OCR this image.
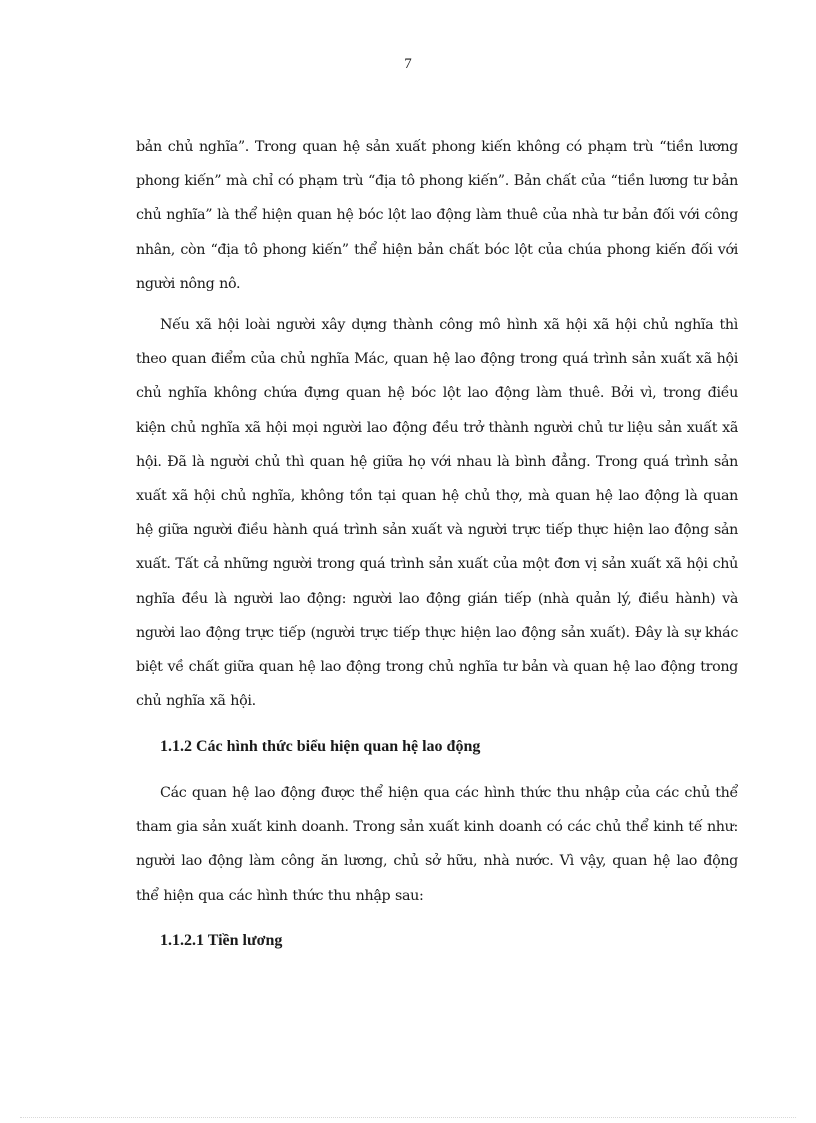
7

bản chủ nghĩa”. Trong quan hệ sản xuất phong kiến không có phạm trù “tiền lương phong kiến” mà chỉ có phạm trù “địa tô phong kiến”. Bản chất của “tiền lương tư bản chủ nghĩa” là thể hiện quan hệ bóc lột lao động làm thuê của nhà tư bản đối với công nhân, còn “địa tô phong kiến” thể hiện bản chất bóc lột của chúa phong kiến đối với người nông nô.

Nếu xã hội loài người xây dựng thành công mô hình xã hội xã hội chủ nghĩa thì theo quan điểm của chủ nghĩa Mác, quan hệ lao động trong quá trình sản xuất xã hội chủ nghĩa không chứa đựng quan hệ bóc lột lao động làm thuê. Bởi vì, trong điều kiện chủ nghĩa xã hội mọi người lao động đều trở thành người chủ tư liệu sản xuất xã hội. Đã là người chủ thì quan hệ giữa họ với nhau là bình đẳng. Trong quá trình sản xuất xã hội chủ nghĩa, không tồn tại quan hệ chủ thợ, mà quan hệ lao động là quan hệ giữa người điều hành quá trình sản xuất và người trực tiếp thực hiện lao động sản xuất. Tất cả những người trong quá trình sản xuất của một đơn vị sản xuất xã hội chủ nghĩa đều là người lao động: người lao động gián tiếp (nhà quản lý, điều hành) và người lao động trực tiếp (người trực tiếp thực hiện lao động sản xuất). Đây là sự khác biệt về chất giữa quan hệ lao động trong chủ nghĩa tư bản và quan hệ lao động trong chủ nghĩa xã hội.

1.1.2 Các hình thức biểu hiện quan hệ lao động

Các quan hệ lao động được thể hiện qua các hình thức thu nhập của các chủ thể tham gia sản xuất kinh doanh. Trong sản xuất kinh doanh có các chủ thể kinh tế như: người lao động làm công ăn lương, chủ sở hữu, nhà nước. Vì vậy, quan hệ lao động thể hiện qua các hình thức thu nhập sau:

1.1.2.1 Tiền lương
